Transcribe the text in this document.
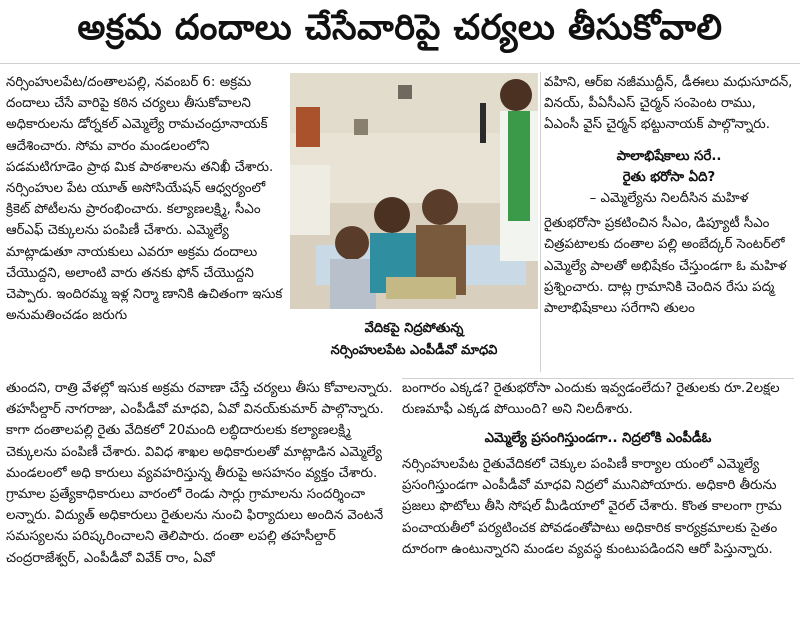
అక్రమ దందాలు చేసేవారిపై చర్యలు తీసుకోవాలి

నర్సింహులపేట/దంతాలపల్లి, నవంబర్ 6: అక్రమ దందాలు చేసే వారిపై కఠిన చర్యలు తీసుకోవాలని అధికారులను డోర్నకల్ ఎమ్మెల్యే రామచంద్రూనాయక్ ఆదేశించారు. సోమ వారం మండలంలోని పడమటిగూడెం ప్రాథ మిక పాఠశాలను తనిఖీ చేశారు. నర్సింహుల పేట యూత్ అసోసియేషన్ ఆధ్వర్యంలో క్రికెట్ పోటీలను ప్రారంభించారు. కల్యాణలక్ష్మి, సీఎం ఆర్ఎఫ్ చెక్కులను పంపిణీ చేశారు. ఎమ్మెల్యే మాట్లాడుతూ నాయకులు ఎవరూ అక్రమ దందాలు చేయొద్దని, అలాంటి వారు తనకు ఫోన్ చేయొద్దని చెప్పారు. ఇందిరమ్మ ఇళ్ల నిర్మా ణానికి ఉచితంగా ఇసుక అనుమతించడం జరుగు

వేదికపై నిద్రపోతున్న
నర్సింహులపేట ఎంపీడీవో మాధవి

వహిని, ఆర్ఐ నజీముద్దీన్, డీఈలు మధుసూదన్, వినయ్, పీఏసీఎస్ చైర్మన్ సంపెంట రాము, ఏఎంసీ వైస్ చైర్మన్ భట్టునాయక్ పాల్గొన్నారు.

పాలాభిషేకాలు సరే..

రైతు భరోసా ఏది?

– ఎమ్మెల్యేను నిలదీసిన మహిళ

రైతుభరోసా ప్రకటించిన సీఎం, డిప్యూటీ సీఎం చిత్రపటాలకు దంతాల పల్లి అంబేద్కర్ సెంటర్‌లో ఎమ్మెల్యే పాలతో అభిషేకం చేస్తుండగా ఓ మహిళ ప్రశ్నించారు. దాట్ల గ్రామానికి చెందిన రేసు పద్మ పాలాభిషేకాలు సరేగాని తులం

తుందని, రాత్రి వేళల్లో ఇసుక అక్రమ రవాణా చేస్తే చర్యలు తీసు కోవాలన్నారు. తహసీల్దార్ నాగరాజు, ఎంపీడీవో మాధవి, ఏవో వినయ్‌కుమార్ పాల్గొన్నారు. కాగా దంతాలపల్లి రైతు వేదికలో 20మంది లబ్ధిదారులకు కల్యాణలక్ష్మి చెక్కులను పంపిణీ చేశారు. వివిధ శాఖల అధికారులతో మాట్లాడిన ఎమ్మెల్యే మండలంలో అధి కారులు వ్యవహరిస్తున్న తీరుపై అసహనం వ్యక్తం చేశారు. గ్రామాల ప్రత్యేకాధికారులు వారంలో రెండు సార్లు గ్రామాలను సందర్శించా లన్నారు. విద్యుత్ అధికారులు రైతులను నుంచి ఫిర్యాదులు అందిన వెంటనే సమస్యలను పరిష్కరించాలని తెలిపారు. దంతా లపల్లి తహసీల్దార్ చంద్రరాజేశ్వర్, ఎంపీడీవో వివేక్ రాం, ఏవో

బంగారం ఎక్కడ? రైతుభరోసా ఎందుకు ఇవ్వడంలేదు? రైతులకు రూ.2లక్షల రుణమాఫీ ఎక్కడ పోయింది? అని నిలదీశారు.

ఎమ్మెల్యే ప్రసంగిస్తుండగా.. నిద్రలోకి ఎంపీడీఓ

నర్సింహులపేట రైతువేదికలో చెక్కుల పంపిణీ కార్యాల యంలో ఎమ్మెల్యే ప్రసంగిస్తుండగా ఎంపీడీవో మాధవి నిద్రలో మునిపోయారు. అధికారి తీరును ప్రజలు ఫొటోలు తీసి సోషల్ మీడియాలో వైరల్ చేశారు. కొంత కాలంగా గ్రామ పంచాయతీలో పర్యటించక పోవడంతోపాటు అధికారిక కార్యక్రమాలకు సైతం దూరంగా ఉంటున్నారని మండల వ్యవస్థ కుంటుపడిందని ఆరో పిస్తున్నారు.
